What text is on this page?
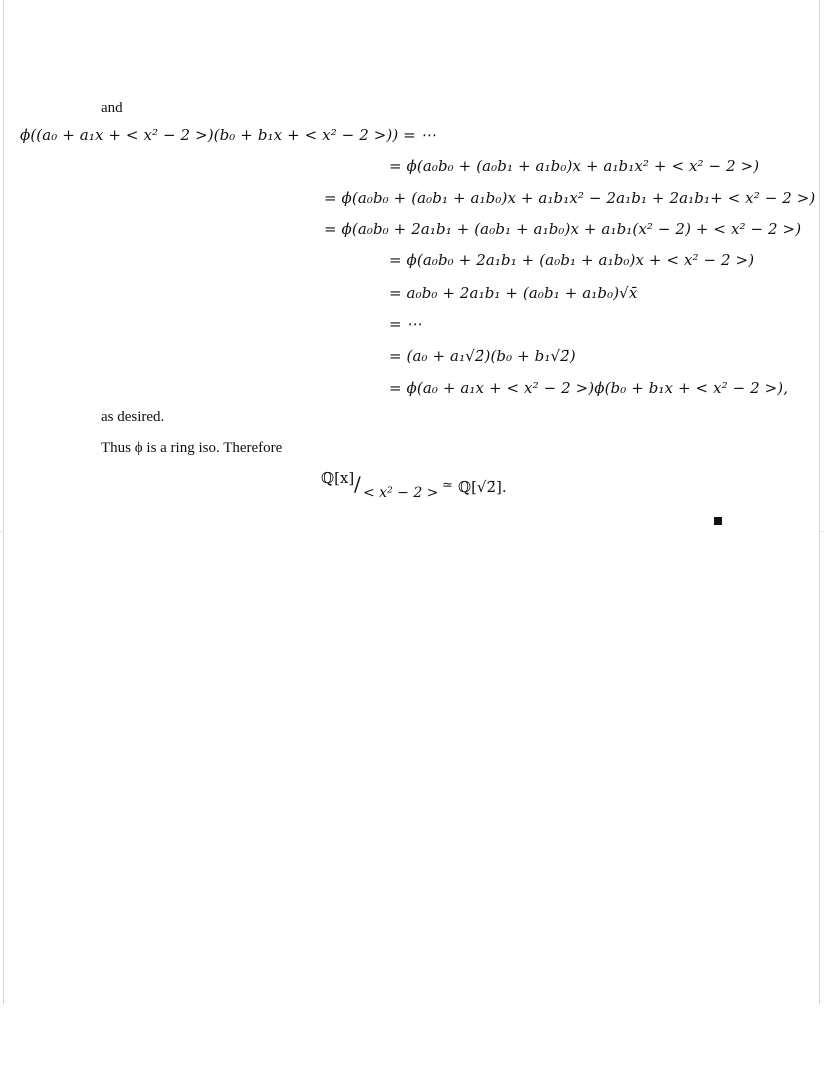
and
ϕ((a₀ + a₁x + < x² − 2 >)(b₀ + b₁x + < x² − 2 >)) = ⋯
= ϕ(a₀b₀ + (a₀b₁ + a₁b₀)x + a₁b₁x² + < x² − 2 >)
= ϕ(a₀b₀ + (a₀b₁ + a₁b₀)x + a₁b₁x² − 2a₁b₁ + 2a₁b₁+ < x² − 2 >)
= ϕ(a₀b₀ + 2a₁b₁ + (a₀b₁ + a₁b₀)x + a₁b₁(x² − 2) + < x² − 2 >)
= ϕ(a₀b₀ + 2a₁b₁ + (a₀b₁ + a₁b₀)x + < x² − 2 >)
= a₀b₀ + 2a₁b₁ + (a₀b₁ + a₁b₀)√x̄
= ⋯
= (a₀ + a₁√2̄)(b₀ + b₁√2̄)
= ϕ(a₀ + a₁x + < x² − 2 >)ϕ(b₀ + b₁x + < x² − 2 >),
as desired.
Thus ϕ is a ring iso. Therefore
ℚ[x] / < x² − 2 > ≃ ℚ[√2̄].
